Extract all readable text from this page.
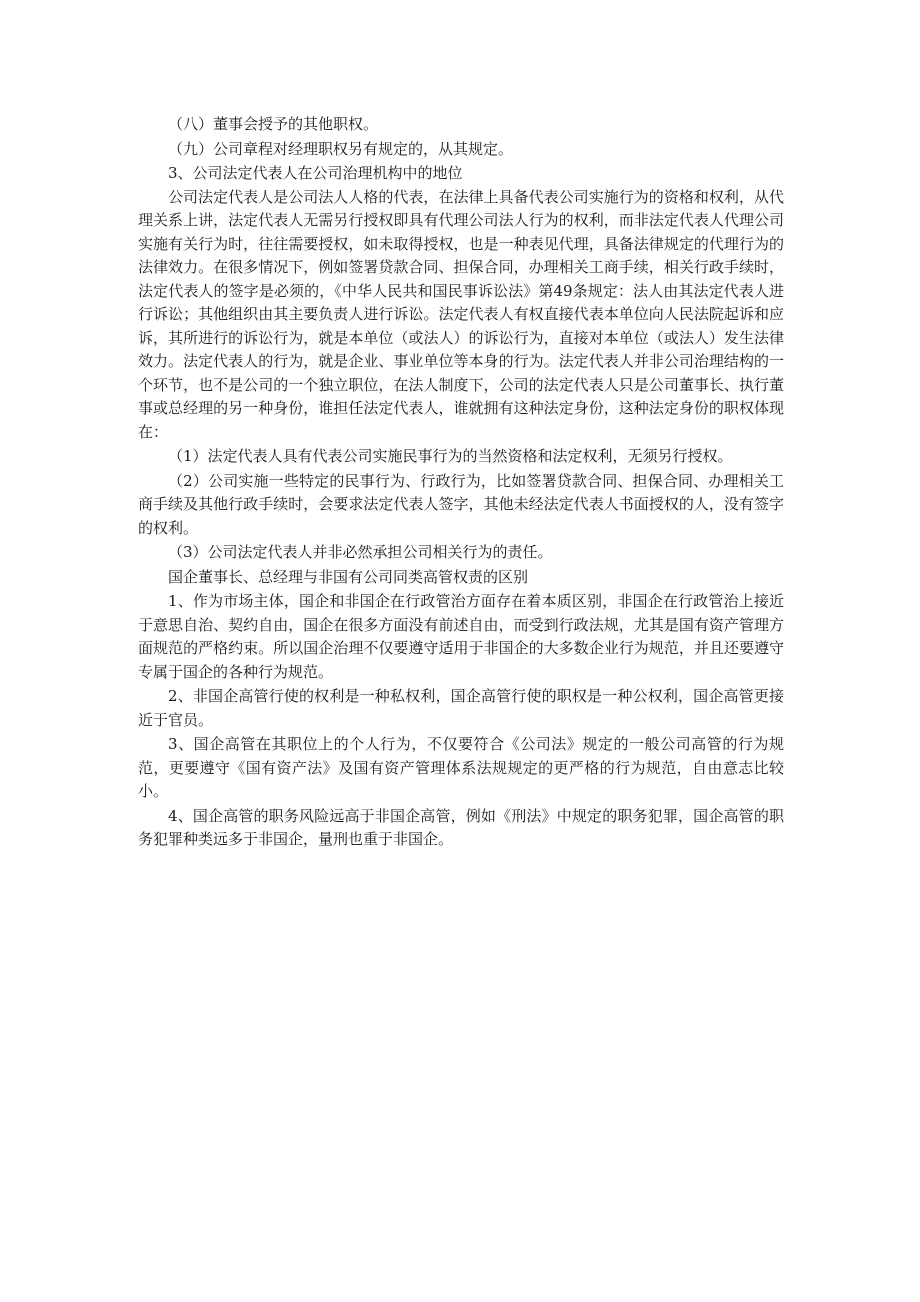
（八）董事会授予的其他职权。

（九）公司章程对经理职权另有规定的，从其规定。

3、公司法定代表人在公司治理机构中的地位

公司法定代表人是公司法人人格的代表，在法律上具备代表公司实施行为的资格和权利，从代理关系上讲，法定代表人无需另行授权即具有代理公司法人行为的权利，而非法定代表人代理公司实施有关行为时，往往需要授权，如未取得授权，也是一种表见代理，具备法律规定的代理行为的法律效力。在很多情况下，例如签署贷款合同、担保合同，办理相关工商手续，相关行政手续时，法定代表人的签字是必须的，《中华人民共和国民事诉讼法》第49条规定：法人由其法定代表人进行诉讼；其他组织由其主要负责人进行诉讼。法定代表人有权直接代表本单位向人民法院起诉和应诉，其所进行的诉讼行为，就是本单位（或法人）的诉讼行为，直接对本单位（或法人）发生法律效力。法定代表人的行为，就是企业、事业单位等本身的行为。法定代表人并非公司治理结构的一个环节，也不是公司的一个独立职位，在法人制度下，公司的法定代表人只是公司董事长、执行董事或总经理的另一种身份，谁担任法定代表人，谁就拥有这种法定身份，这种法定身份的职权体现在：

（1）法定代表人具有代表公司实施民事行为的当然资格和法定权利，无须另行授权。

（2）公司实施一些特定的民事行为、行政行为，比如签署贷款合同、担保合同、办理相关工商手续及其他行政手续时，会要求法定代表人签字，其他未经法定代表人书面授权的人，没有签字的权利。

（3）公司法定代表人并非必然承担公司相关行为的责任。

国企董事长、总经理与非国有公司同类高管权责的区别

1、作为市场主体，国企和非国企在行政管治方面存在着本质区别，非国企在行政管治上接近于意思自治、契约自由，国企在很多方面没有前述自由，而受到行政法规，尤其是国有资产管理方面规范的严格约束。所以国企治理不仅要遵守适用于非国企的大多数企业行为规范，并且还要遵守专属于国企的各种行为规范。

2、非国企高管行使的权利是一种私权利，国企高管行使的职权是一种公权利，国企高管更接近于官员。

3、国企高管在其职位上的个人行为，不仅要符合《公司法》规定的一般公司高管的行为规范，更要遵守《国有资产法》及国有资产管理体系法规规定的更严格的行为规范，自由意志比较小。

4、国企高管的职务风险远高于非国企高管，例如《刑法》中规定的职务犯罪，国企高管的职务犯罪种类远多于非国企，量刑也重于非国企。
